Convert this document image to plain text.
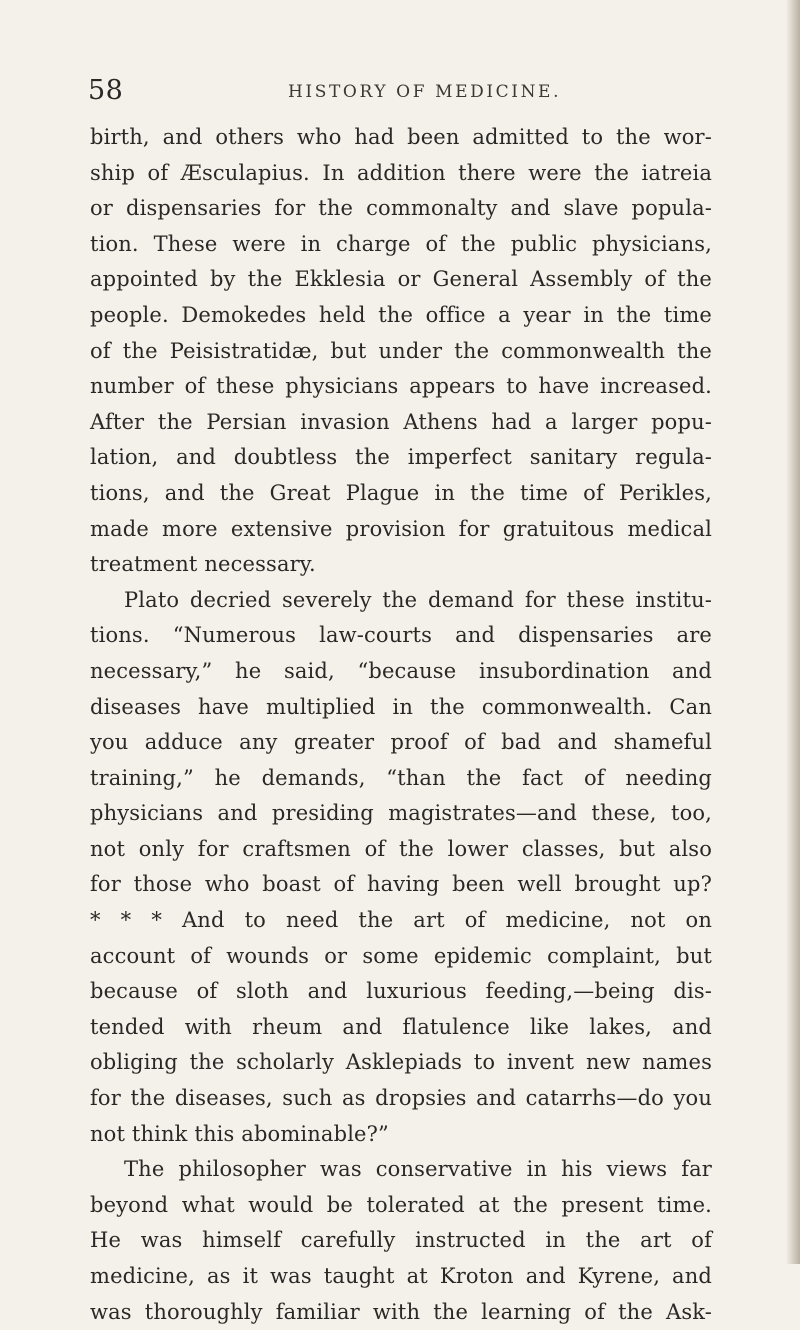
58	HISTORY OF MEDICINE.
birth, and others who had been admitted to the wor-
ship of Æsculapius. In addition there were the iatreia
or dispensaries for the commonalty and slave popula-
tion. These were in charge of the public physicians,
appointed by the Ekklesia or General Assembly of the
people. Demokedes held the office a year in the time
of the Peisistratidæ, but under the commonwealth the
number of these physicians appears to have increased.
After the Persian invasion Athens had a larger popu-
lation, and doubtless the imperfect sanitary regula-
tions, and the Great Plague in the time of Perikles,
made more extensive provision for gratuitous medical
treatment necessary.
Plato decried severely the demand for these institu-
tions. “Numerous law-courts and dispensaries are
necessary,” he said, “because insubordination and
diseases have multiplied in the commonwealth. Can
you adduce any greater proof of bad and shameful
training,” he demands, “than the fact of needing
physicians and presiding magistrates—and these, too,
not only for craftsmen of the lower classes, but also
for those who boast of having been well brought up?
* * * And to need the art of medicine, not on
account of wounds or some epidemic complaint, but
because of sloth and luxurious feeding,—being dis-
tended with rheum and flatulence like lakes, and
obliging the scholarly Asklepiads to invent new names
for the diseases, such as dropsies and catarrhs—do you
not think this abominable?”
The philosopher was conservative in his views far
beyond what would be tolerated at the present time.
He was himself carefully instructed in the art of
medicine, as it was taught at Kroton and Kyrene, and
was thoroughly familiar with the learning of the Ask-
